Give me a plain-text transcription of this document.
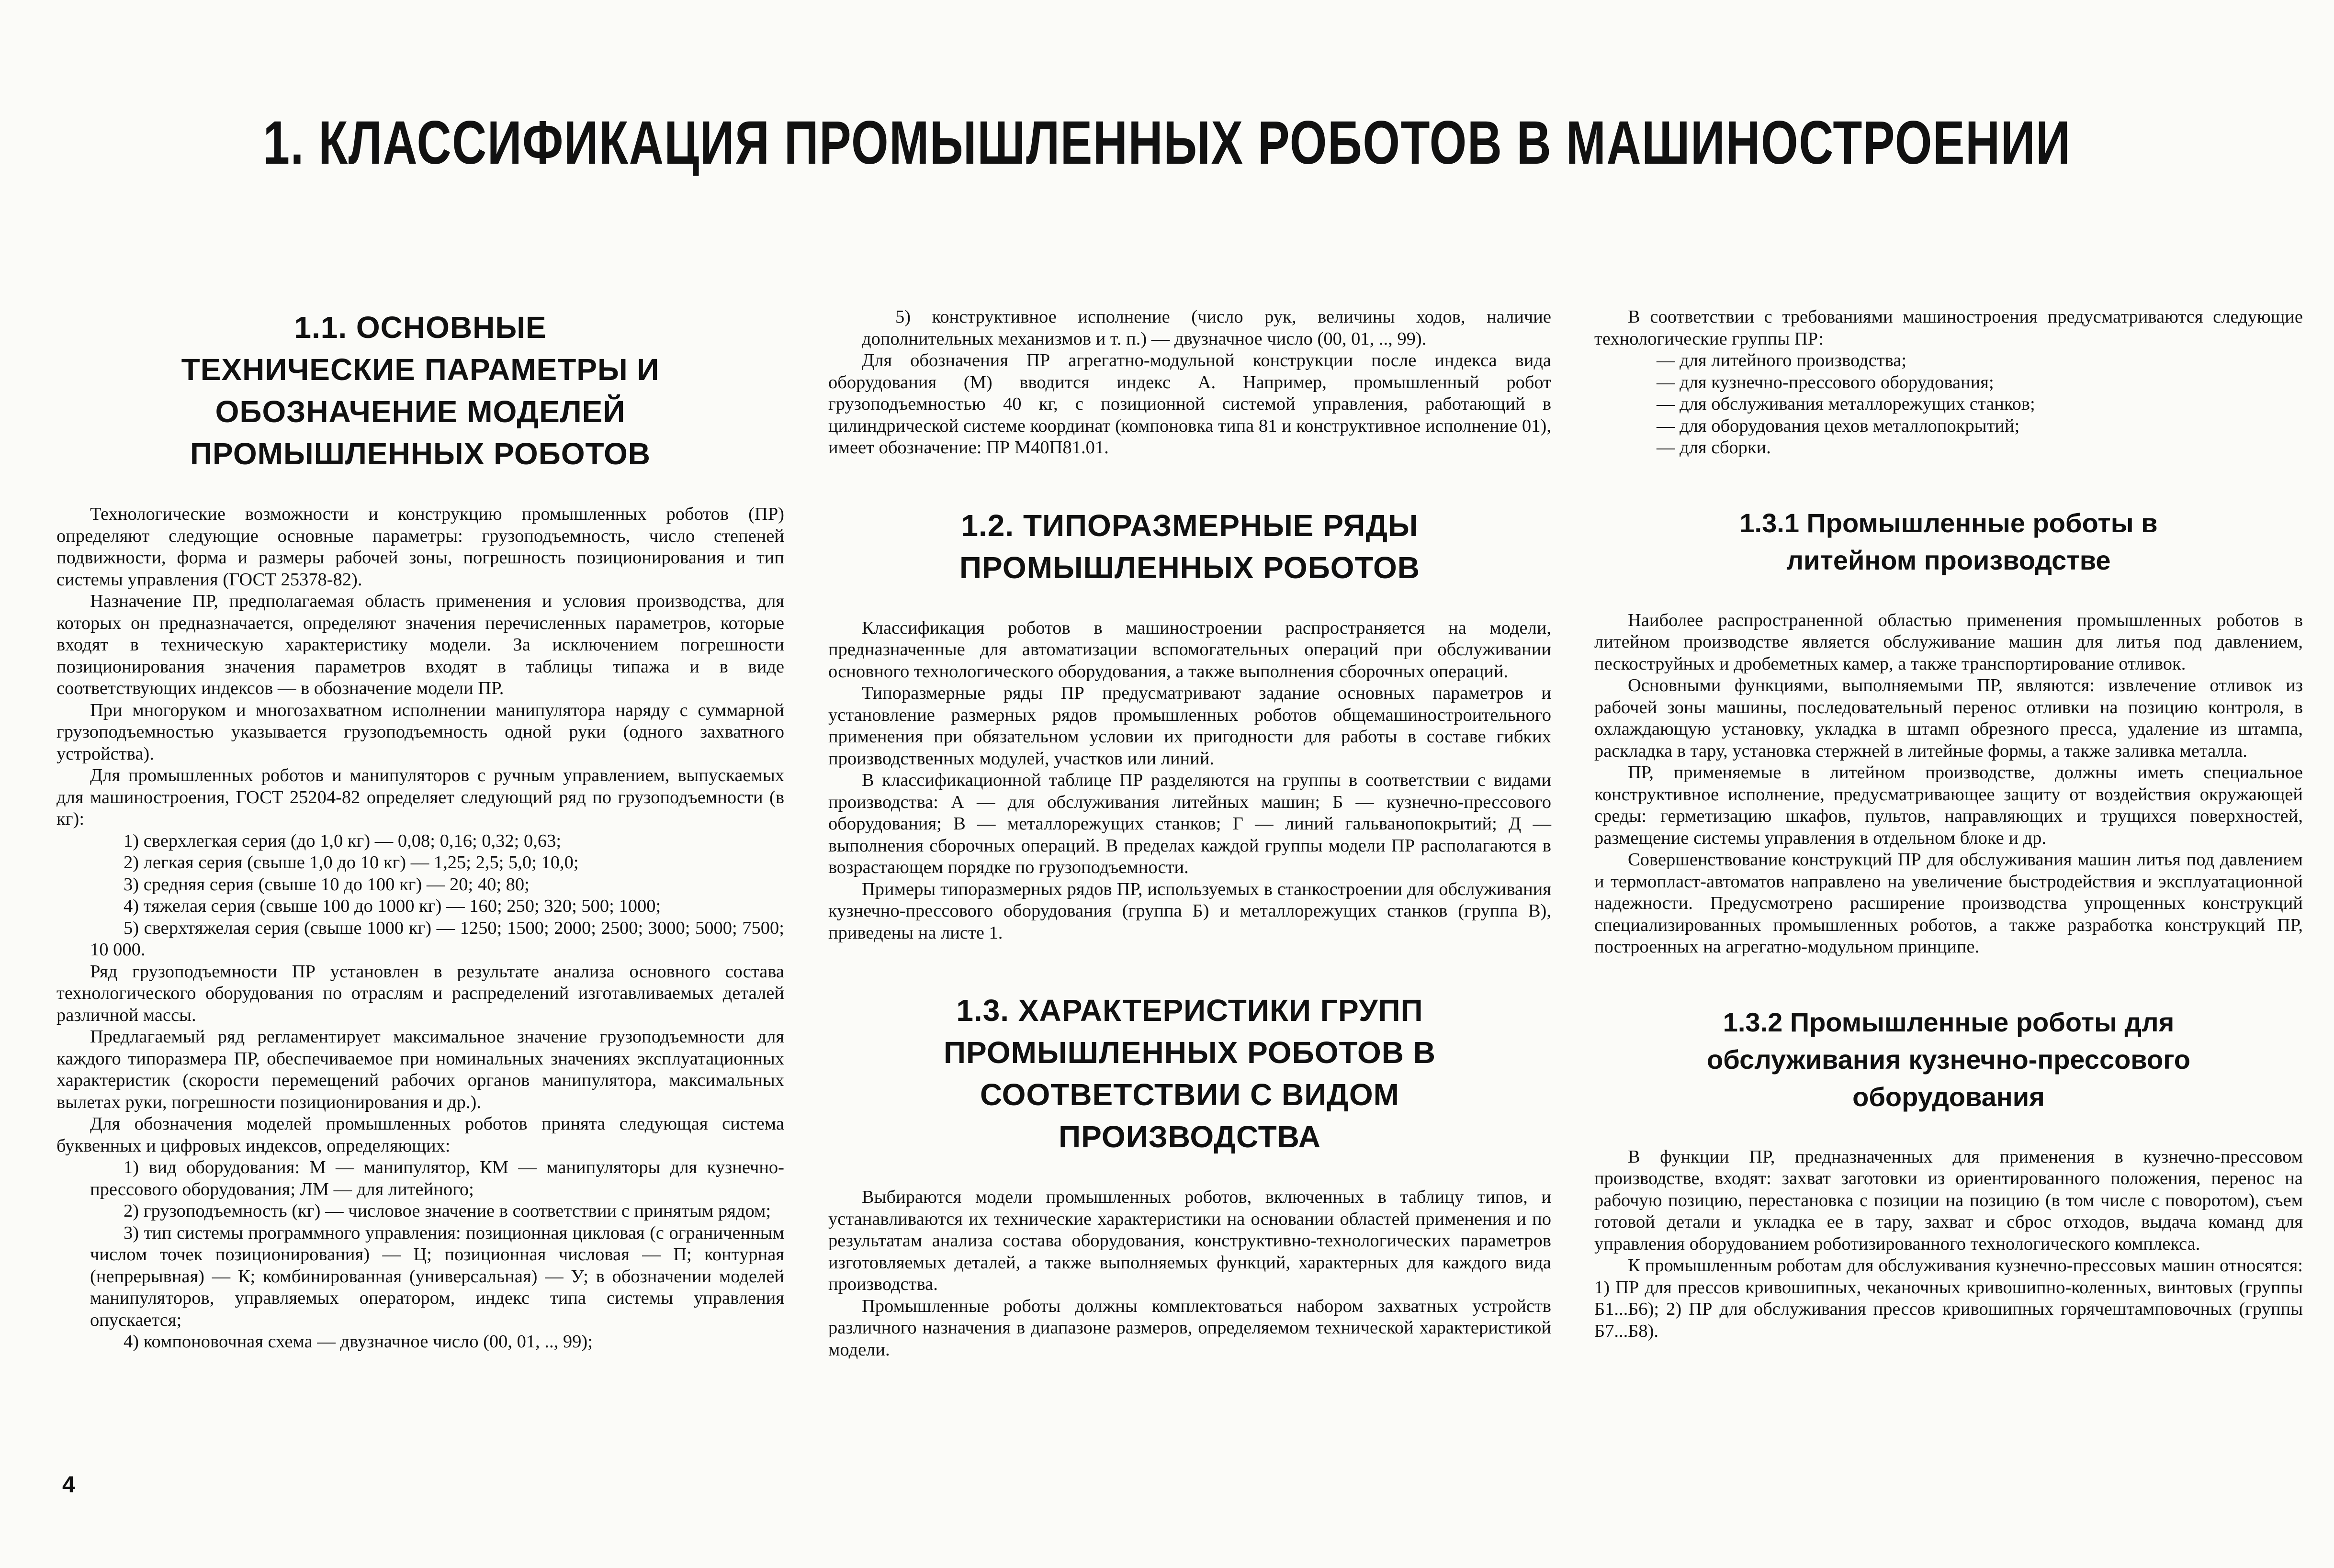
1. КЛАССИФИКАЦИЯ ПРОМЫШЛЕННЫХ РОБОТОВ В МАШИНОСТРОЕНИИ
1.1. ОСНОВНЫЕ ТЕХНИЧЕСКИЕ ПАРАМЕТРЫ И ОБОЗНАЧЕНИЕ МОДЕЛЕЙ ПРОМЫШЛЕННЫХ РОБОТОВ

Технологические возможности и конструкцию промышленных роботов (ПР) определяют следующие основные параметры: грузоподъемность, число степеней подвижности, форма и размеры рабочей зоны, погрешность позиционирования и тип системы управления (ГОСТ 25378-82).

Назначение ПР, предполагаемая область применения и условия производства, для которых он предназначается, определяют значения перечисленных параметров, которые входят в техническую характеристику модели. За исключением погрешности позиционирования значения параметров входят в таблицы типажа и в виде соответствующих индексов — в обозначение модели ПР.

При многоруком и многозахватном исполнении манипулятора наряду с суммарной грузоподъемностью указывается грузоподъемность одной руки (одного захватного устройства).

Для промышленных роботов и манипуляторов с ручным управлением, выпускаемых для машиностроения, ГОСТ 25204-82 определяет следующий ряд по грузоподъемности (в кг):

1) сверхлегкая серия (до 1,0 кг) — 0,08; 0,16; 0,32; 0,63;

2) легкая серия (свыше 1,0 до 10 кг) — 1,25; 2,5; 5,0; 10,0;

3) средняя серия (свыше 10 до 100 кг) — 20; 40; 80;

4) тяжелая серия (свыше 100 до 1000 кг) — 160; 250; 320; 500; 1000;

5) сверхтяжелая серия (свыше 1000 кг) — 1250; 1500; 2000; 2500; 3000; 5000; 7500; 10 000.

Ряд грузоподъемности ПР установлен в результате анализа основного состава технологического оборудования по отраслям и распределений изготавливаемых деталей различной массы.

Предлагаемый ряд регламентирует максимальное значение грузоподъемности для каждого типоразмера ПР, обеспечиваемое при номинальных значениях эксплуатационных характеристик (скорости перемещений рабочих органов манипулятора, максимальных вылетах руки, погрешности позиционирования и др.).

Для обозначения моделей промышленных роботов принята следующая система буквенных и цифровых индексов, определяющих:

1) вид оборудования: М — манипулятор, КМ — манипуляторы для кузнечно-прессового оборудования; ЛМ — для литейного;

2) грузоподъемность (кг) — числовое значение в соответствии с принятым рядом;

3) тип системы программного управления: позиционная цикловая (с ограниченным числом точек позиционирования) — Ц; позиционная числовая — П; контурная (непрерывная) — К; комбинированная (универсальная) — У; в обозначении моделей манипуляторов, управляемых оператором, индекс типа системы управления опускается;

4) компоновочная схема — двузначное число (00, 01, .., 99);

5) конструктивное исполнение (число рук, величины ходов, наличие дополнительных механизмов и т. п.) — двузначное число (00, 01, .., 99).

Для обозначения ПР агрегатно-модульной конструкции после индекса вида оборудования (М) вводится индекс А. Например, промышленный робот грузоподъемностью 40 кг, с позиционной системой управления, работающий в цилиндрической системе координат (компоновка типа 81 и конструктивное исполнение 01), имеет обозначение: ПР М40П81.01.

1.2. ТИПОРАЗМЕРНЫЕ РЯДЫ ПРОМЫШЛЕННЫХ РОБОТОВ

Классификация роботов в машиностроении распространяется на модели, предназначенные для автоматизации вспомогательных операций при обслуживании основного технологического оборудования, а также выполнения сборочных операций.

Типоразмерные ряды ПР предусматривают задание основных параметров и установление размерных рядов промышленных роботов общемашиностроительного применения при обязательном условии их пригодности для работы в составе гибких производственных модулей, участков или линий.

В классификационной таблице ПР разделяются на группы в соответствии с видами производства: А — для обслуживания литейных машин; Б — кузнечно-прессового оборудования; В — металлорежущих станков; Г — линий гальванопокрытий; Д — выполнения сборочных операций. В пределах каждой группы модели ПР располагаются в возрастающем порядке по грузоподъемности.

Примеры типоразмерных рядов ПР, используемых в станкостроении для обслуживания кузнечно-прессового оборудования (группа Б) и металлорежущих станков (группа В), приведены на листе 1.

1.3. ХАРАКТЕРИСТИКИ ГРУПП ПРОМЫШЛЕННЫХ РОБОТОВ В СООТВЕТСТВИИ С ВИДОМ ПРОИЗВОДСТВА

Выбираются модели промышленных роботов, включенных в таблицу типов, и устанавливаются их технические характеристики на основании областей применения и по результатам анализа состава оборудования, конструктивно-технологических параметров изготовляемых деталей, а также выполняемых функций, характерных для каждого вида производства.

Промышленные роботы должны комплектоваться набором захватных устройств различного назначения в диапазоне размеров, определяемом технической характеристикой модели.

В соответствии с требованиями машиностроения предусматриваются следующие технологические группы ПР:

— для литейного производства;

— для кузнечно-прессового оборудования;

— для обслуживания металлорежущих станков;

— для оборудования цехов металлопокрытий;

— для сборки.

1.3.1 Промышленные роботы в литейном производстве

Наиболее распространенной областью применения промышленных роботов в литейном производстве является обслуживание машин для литья под давлением, пескоструйных и дробеметных камер, а также транспортирование отливок.

Основными функциями, выполняемыми ПР, являются: извлечение отливок из рабочей зоны машины, последовательный перенос отливки на позицию контроля, в охлаждающую установку, укладка в штамп обрезного пресса, удаление из штампа, раскладка в тару, установка стержней в литейные формы, а также заливка металла.

ПР, применяемые в литейном производстве, должны иметь специальное конструктивное исполнение, предусматривающее защиту от воздействия окружающей среды: герметизацию шкафов, пультов, направляющих и трущихся поверхностей, размещение системы управления в отдельном блоке и др.

Совершенствование конструкций ПР для обслуживания машин литья под давлением и термопласт-автоматов направлено на увеличение быстродействия и эксплуатационной надежности. Предусмотрено расширение производства упрощенных конструкций специализированных промышленных роботов, а также разработка конструкций ПР, построенных на агрегатно-модульном принципе.

1.3.2 Промышленные роботы для обслуживания кузнечно-прессового оборудования

В функции ПР, предназначенных для применения в кузнечно-прессовом производстве, входят: захват заготовки из ориентированного положения, перенос на рабочую позицию, перестановка с позиции на позицию (в том числе с поворотом), съем готовой детали и укладка ее в тару, захват и сброс отходов, выдача команд для управления оборудованием роботизированного технологического комплекса.

К промышленным роботам для обслуживания кузнечно-прессовых машин относятся: 1) ПР для прессов кривошипных, чеканочных кривошипно-коленных, винтовых (группы Б1...Б6); 2) ПР для обслуживания прессов кривошипных горячештамповочных (группы Б7...Б8).

4
